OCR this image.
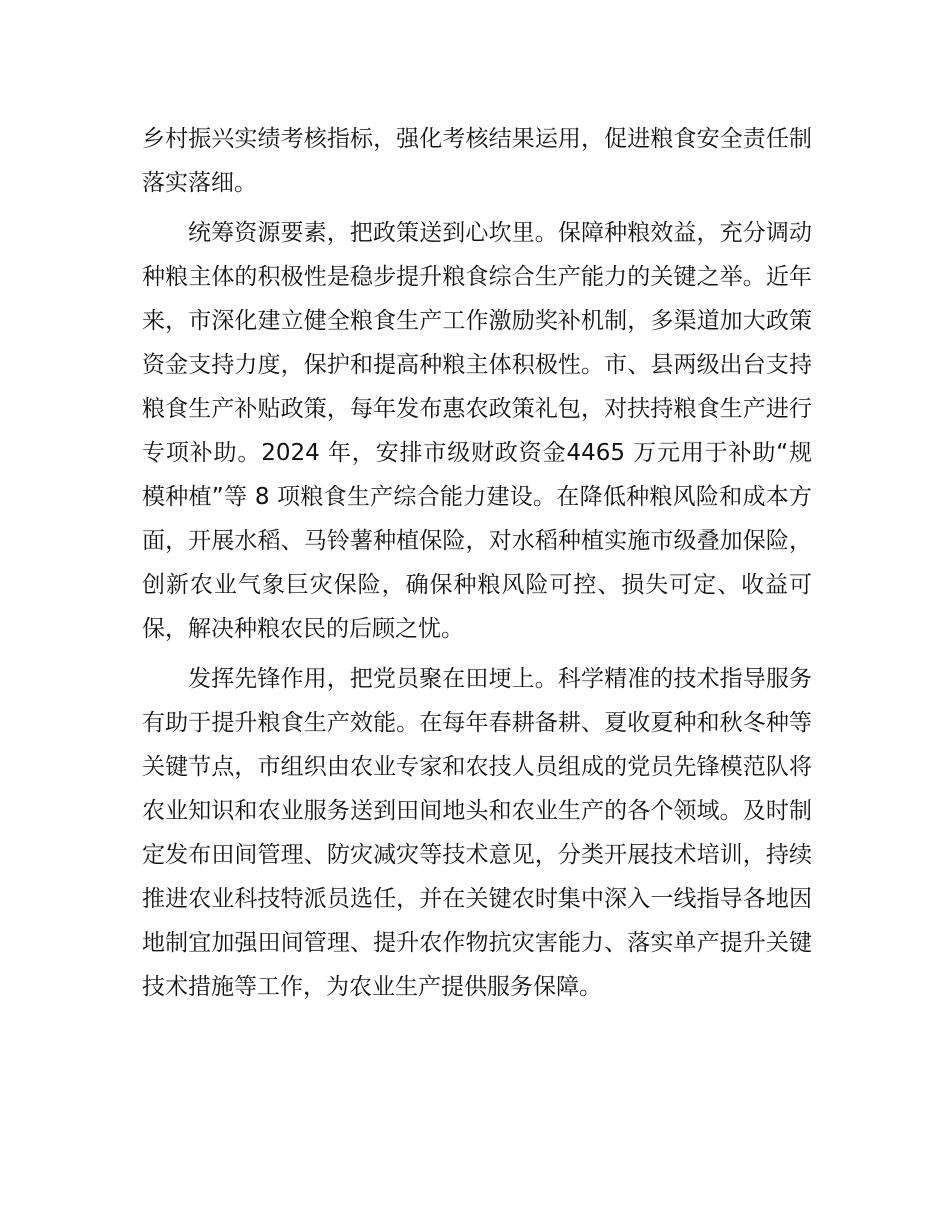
乡村振兴实绩考核指标，强化考核结果运用，促进粮食安全责任制落实落细。

统筹资源要素，把政策送到心坎里。保障种粮效益，充分调动种粮主体的积极性是稳步提升粮食综合生产能力的关键之举。近年来，市深化建立健全粮食生产工作激励奖补机制，多渠道加大政策资金支持力度，保护和提高种粮主体积极性。市、县两级出台支持粮食生产补贴政策，每年发布惠农政策礼包，对扶持粮食生产进行专项补助。2024 年，安排市级财政资金4465 万元用于补助“规模种植”等 8 项粮食生产综合能力建设。在降低种粮风险和成本方面，开展水稻、马铃薯种植保险，对水稻种植实施市级叠加保险，创新农业气象巨灾保险，确保种粮风险可控、损失可定、收益可保，解决种粮农民的后顾之忧。

发挥先锋作用，把党员聚在田埂上。科学精准的技术指导服务有助于提升粮食生产效能。在每年春耕备耕、夏收夏种和秋冬种等关键节点，市组织由农业专家和农技人员组成的党员先锋模范队将农业知识和农业服务送到田间地头和农业生产的各个领域。及时制定发布田间管理、防灾减灾等技术意见，分类开展技术培训，持续推进农业科技特派员选任，并在关键农时集中深入一线指导各地因地制宜加强田间管理、提升农作物抗灾害能力、落实单产提升关键技术措施等工作，为农业生产提供服务保障。
